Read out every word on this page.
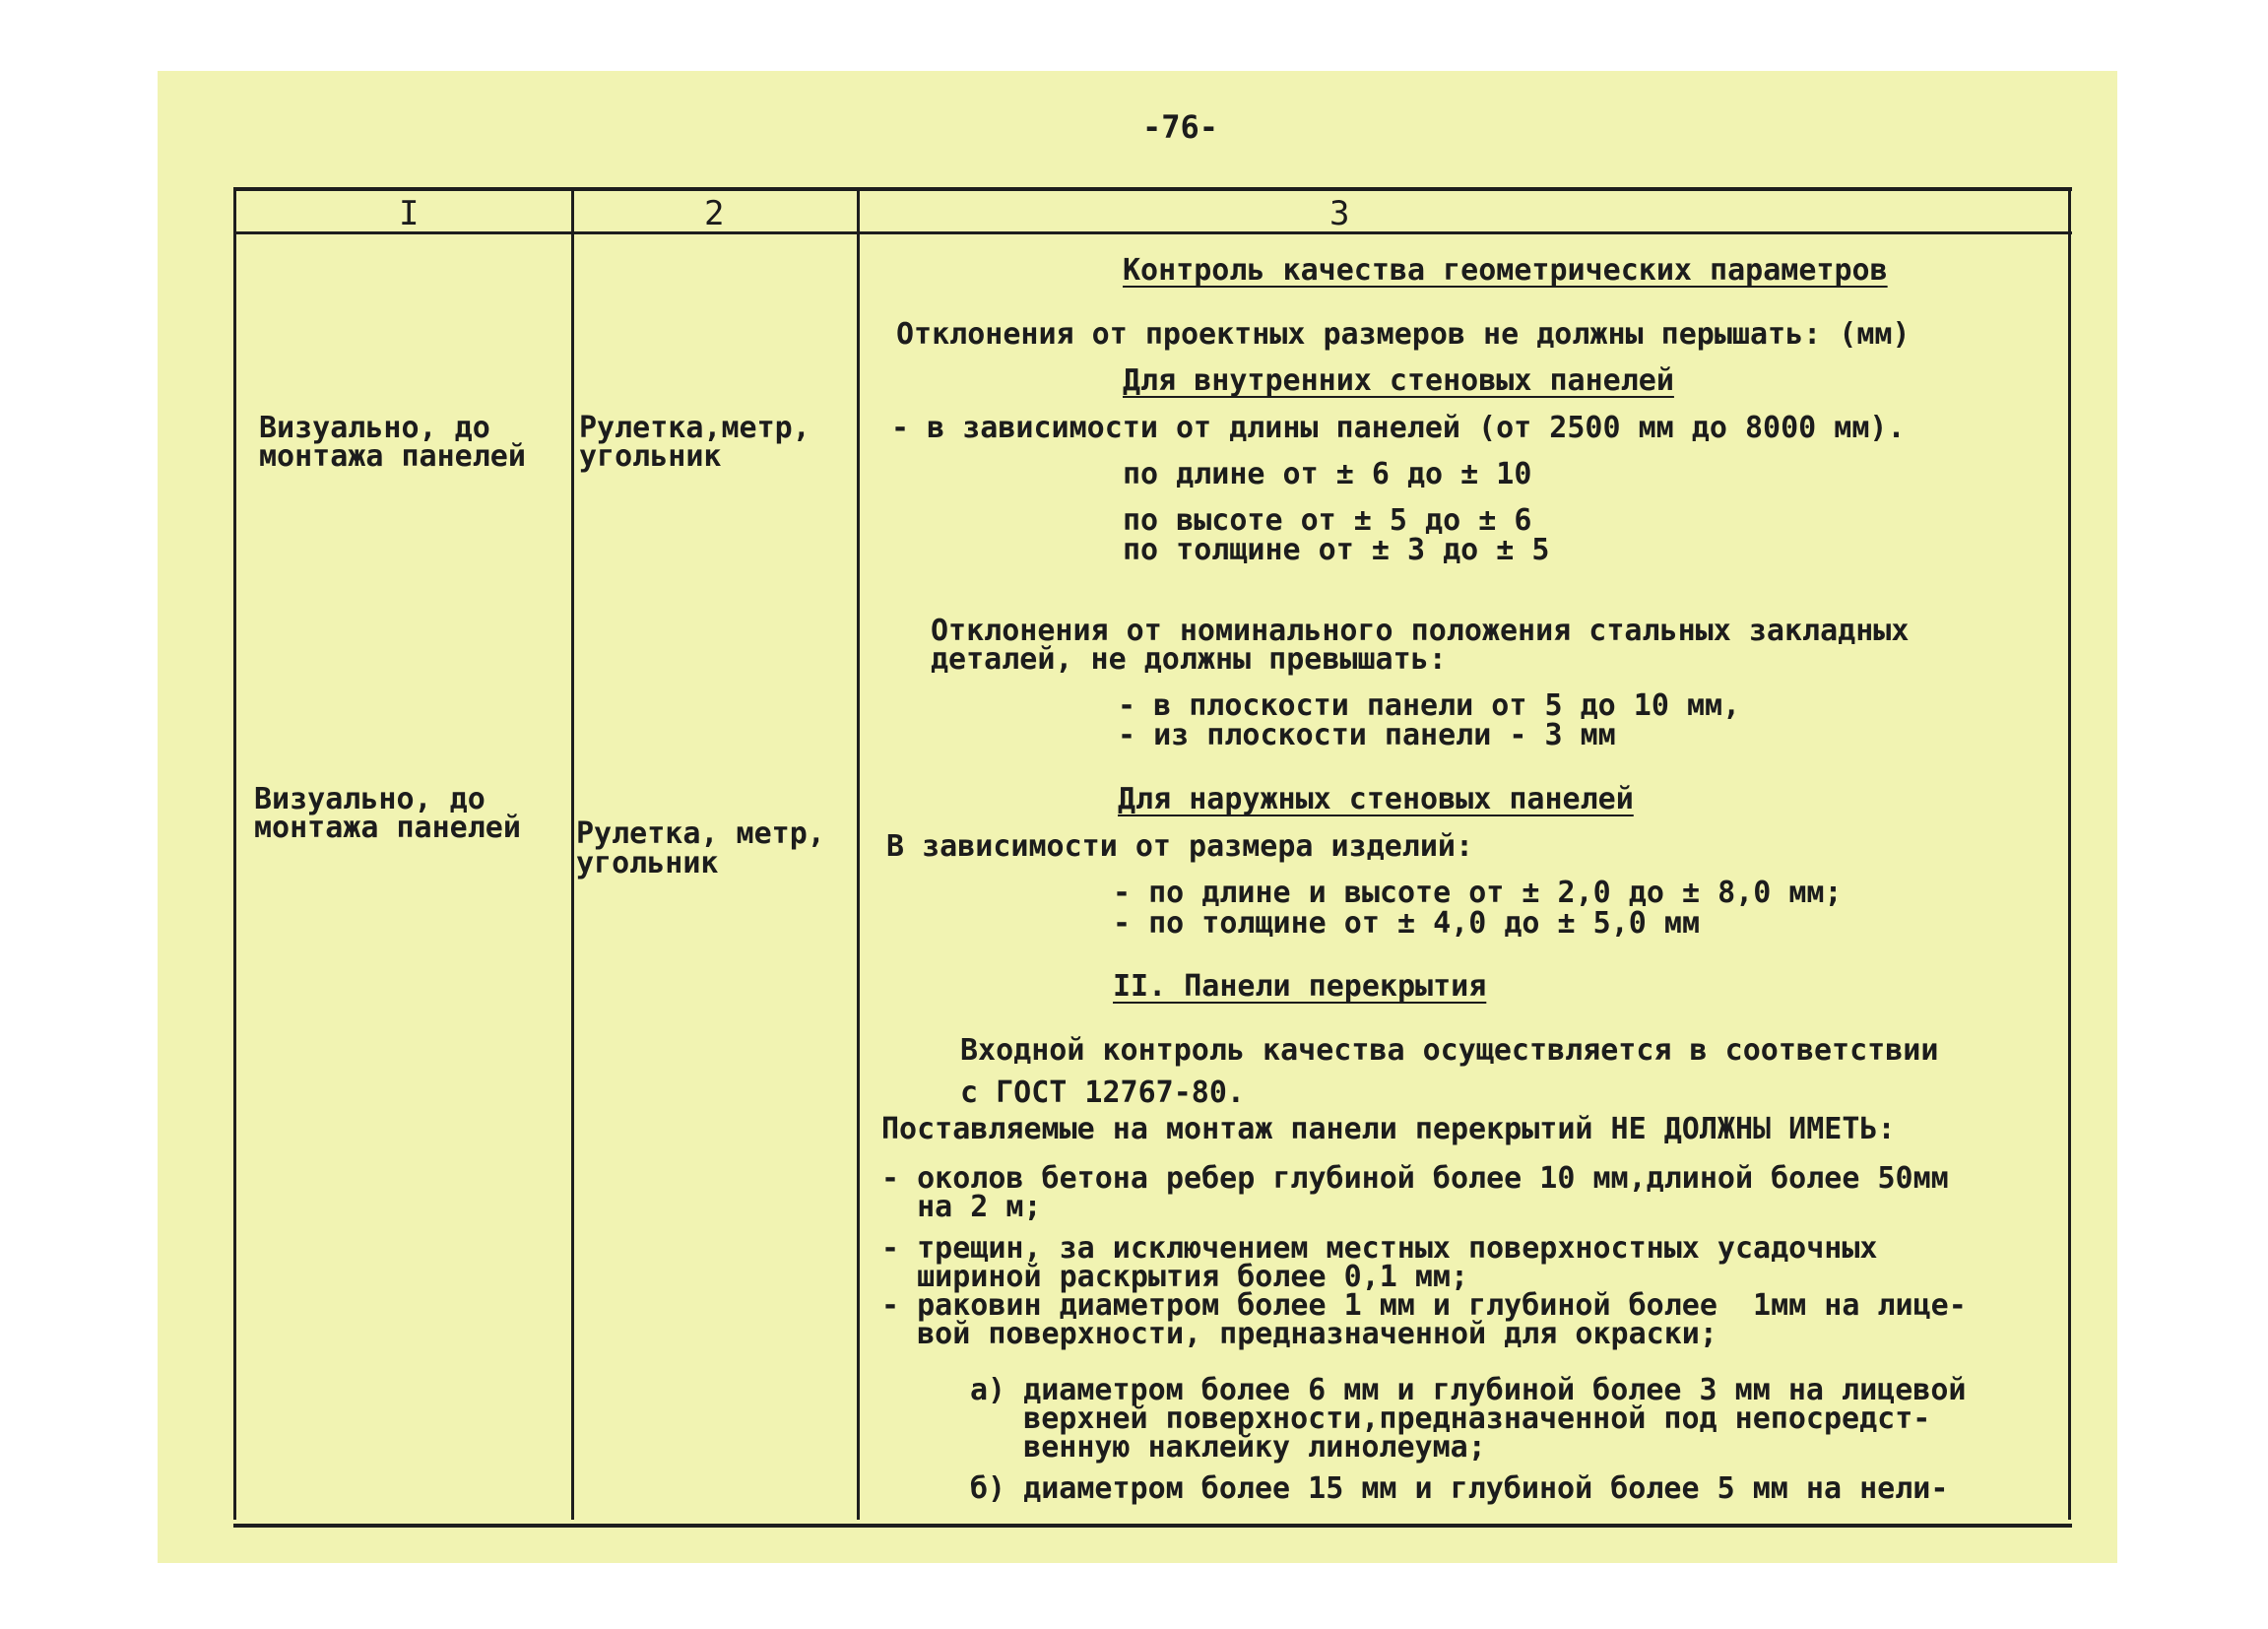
-76-
I	2	3
Визуально, до
монтажа панелей
Визуально, до
монтажа панелей
Рулетка,метр,
угольник
Рулетка, метр,
угольник
Контроль качества геометрических параметров
Отклонения от проектных размеров не должны перышать: (мм)
Для внутренних стеновых панелей
- в зависимости от длины панелей (от 2500 мм до 8000 мм).
по длине от ± 6 до ± 10
по высоте от ± 5 до ± 6
по толщине от ± 3 до ± 5
Отклонения от номинального положения стальных закладных
деталей, не должны превышать:
- в плоскости панели от 5 до 10 мм,
- из плоскости панели - 3 мм
Для наружных стеновых панелей
В зависимости от размера изделий:
- по длине и высоте от ± 2,0 до ± 8,0 мм;
- по толщине от ± 4,0 до ± 5,0 мм
II. Панели перекрытия
Входной контроль качества осуществляется в соответствии
с ГОСТ 12767-80.
Поставляемые на монтаж панели перекрытий НЕ ДОЛЖНЫ ИМЕТЬ:
- околов бетона ребер глубиной более 10 мм,длиной более 50мм
на 2 м;
- трещин, за исключением местных поверхностных усадочных
шириной раскрытия более 0,1 мм;
- раковин диаметром более 1 мм и глубиной более  1мм на лице-
вой поверхности, предназначенной для окраски;
а) диаметром более 6 мм и глубиной более 3 мм на лицевой
верхней поверхности,предназначенной под непосредст-
венную наклейку линолеума;
б) диаметром более 15 мм и глубиной более 5 мм на нели-
